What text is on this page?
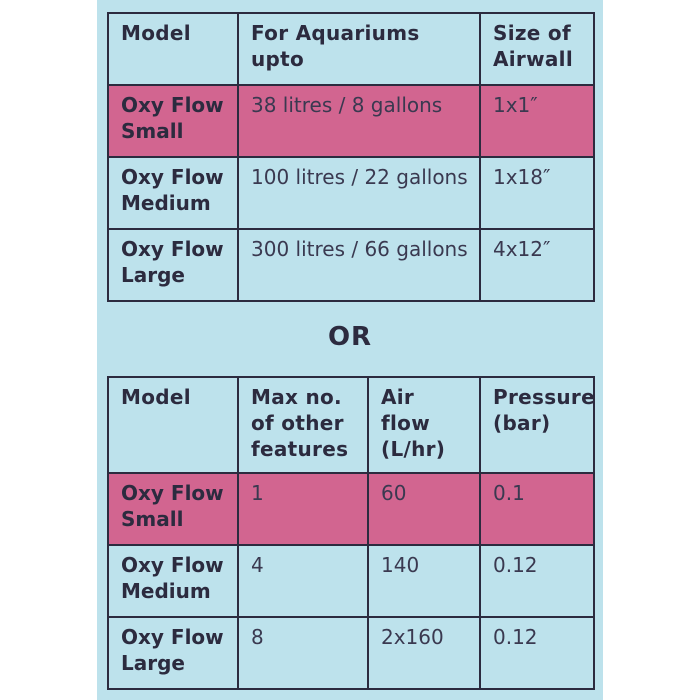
Model	For Aquariums upto	Size of Airwall
Oxy Flow Small	38 litres / 8 gallons	1x1″
Oxy Flow Medium	100 litres / 22 gallons	1x18″
Oxy Flow Large	300 litres / 66 gallons	4x12″
OR
Model	Max no. of other features	Air flow (L/hr)	Pressure (bar)
Oxy Flow Small	1	60	0.1
Oxy Flow Medium	4	140	0.12
Oxy Flow Large	8	2x160	0.12
